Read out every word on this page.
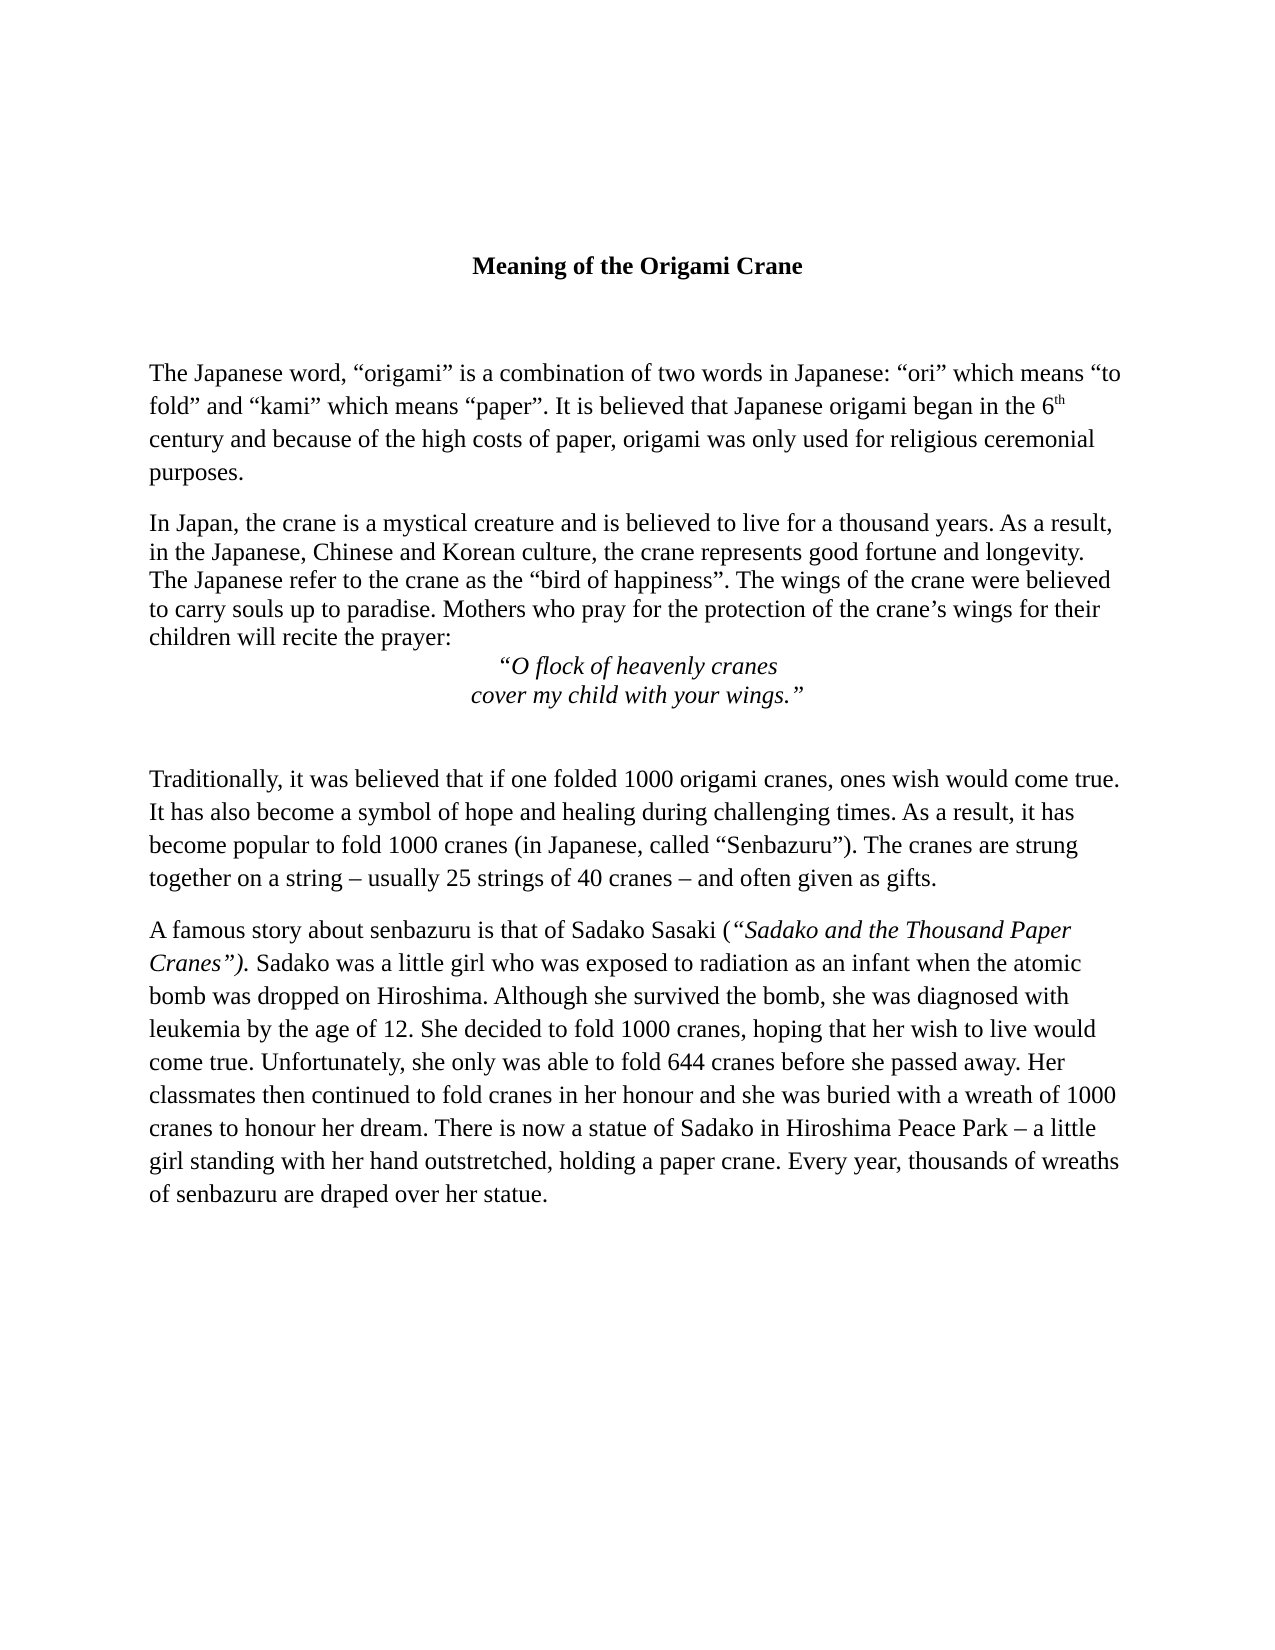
Meaning of the Origami Crane

The Japanese word, “origami” is a combination of two words in Japanese: “ori” which means “to fold” and “kami” which means “paper”. It is believed that Japanese origami began in the 6th century and because of the high costs of paper, origami was only used for religious ceremonial purposes.

In Japan, the crane is a mystical creature and is believed to live for a thousand years. As a result, in the Japanese, Chinese and Korean culture, the crane represents good fortune and longevity. The Japanese refer to the crane as the “bird of happiness”. The wings of the crane were believed to carry souls up to paradise. Mothers who pray for the protection of the crane’s wings for their children will recite the prayer:

“O flock of heavenly cranes
cover my child with your wings.”

Traditionally, it was believed that if one folded 1000 origami cranes, ones wish would come true. It has also become a symbol of hope and healing during challenging times. As a result, it has become popular to fold 1000 cranes (in Japanese, called “Senbazuru”). The cranes are strung together on a string – usually 25 strings of 40 cranes – and often given as gifts.

A famous story about senbazuru is that of Sadako Sasaki (“Sadako and the Thousand Paper Cranes”). Sadako was a little girl who was exposed to radiation as an infant when the atomic bomb was dropped on Hiroshima. Although she survived the bomb, she was diagnosed with leukemia by the age of 12. She decided to fold 1000 cranes, hoping that her wish to live would come true. Unfortunately, she only was able to fold 644 cranes before she passed away. Her classmates then continued to fold cranes in her honour and she was buried with a wreath of 1000 cranes to honour her dream. There is now a statue of Sadako in Hiroshima Peace Park – a little girl standing with her hand outstretched, holding a paper crane. Every year, thousands of wreaths of senbazuru are draped over her statue.
